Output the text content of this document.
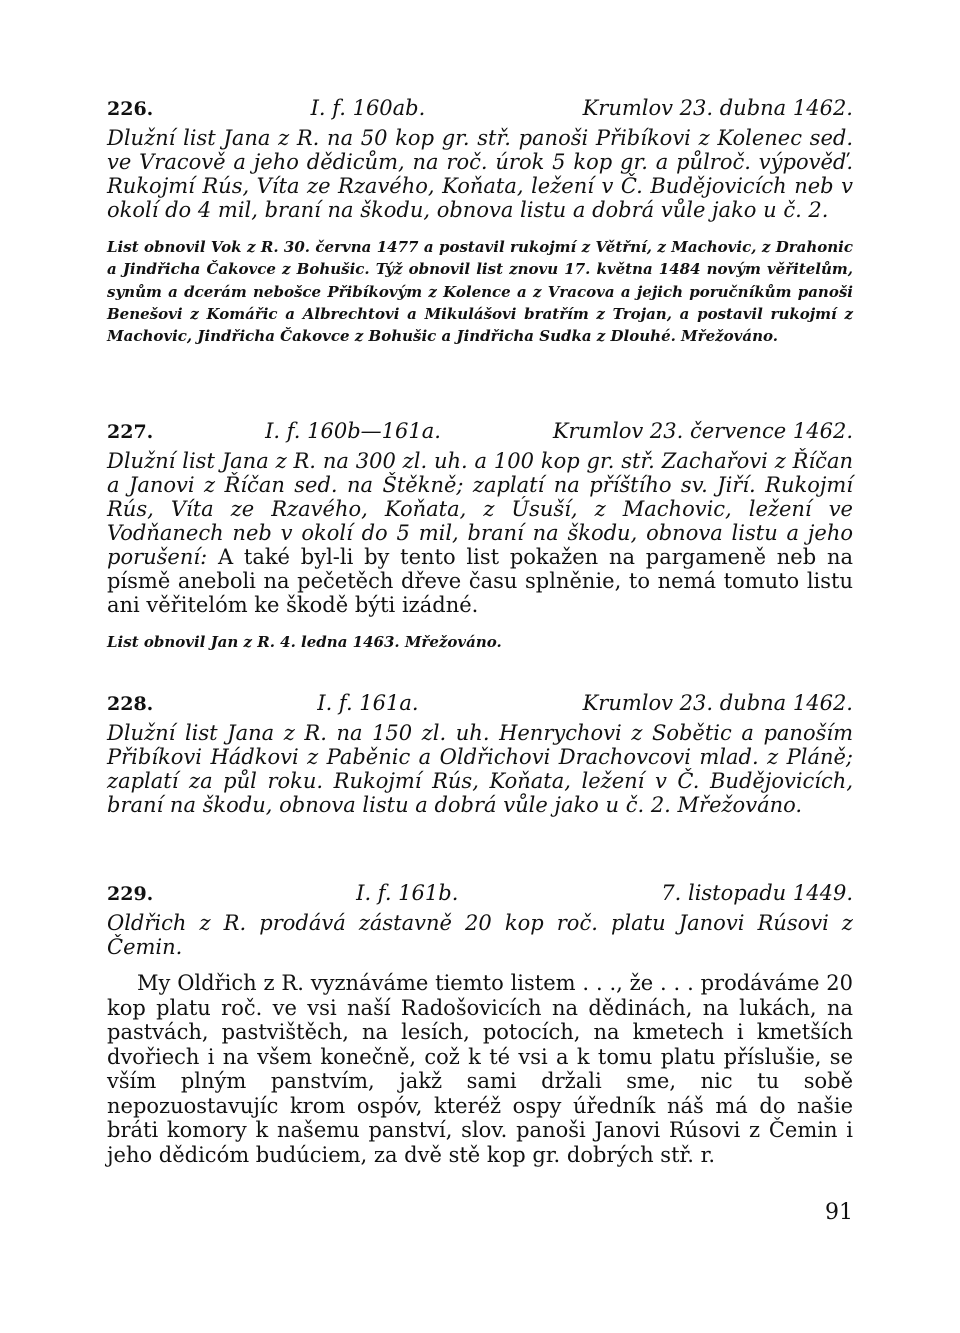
226.	I. f. 160ab.	Krumlov 23. dubna 1462.
Dlužní list Jana z R. na 50 kop gr. stř. panoši Přibíkovi z Kolenec sed. ve Vracově a jeho dědicům, na roč. úrok 5 kop gr. a půlroč. výpověď. Rukojmí Rús, Víta ze Rzavého, Koňata, ležení v Č. Budějovicích neb v okolí do 4 mil, braní na škodu, obnova listu a dobrá vůle jako u č. 2.
List obnovil Vok z R. 30. června 1477 a postavil rukojmí z Větřní, z Machovic, z Drahonic a Jindřicha Čakovce z Bohušic. Týž obnovil list znovu 17. května 1484 novým věřitelům, synům a dcerám nebošce Přibíkovým z Kolence a z Vracova a jejich poručníkům panoši Benešovi z Komářic a Albrechtovi a Mikulášovi bratřím z Trojan, a postavil rukojmí z Machovic, Jindřicha Čakovce z Bohušic a Jindřicha Sudka z Dlouhé. Mřežováno.
227.	I. f. 160b—161a.	Krumlov 23. července 1462.
Dlužní list Jana z R. na 300 zl. uh. a 100 kop gr. stř. Zachařovi z Říčan a Janovi z Říčan sed. na Štěkně; zaplatí na příštího sv. Jiří. Rukojmí Rús, Víta ze Rzavého, Koňata, z Úsuší, z Machovic, ležení ve Vodňanech neb v okolí do 5 mil, braní na škodu, obnova listu a jeho porušení: A také byl-li by tento list pokažen na pargameně neb na písmě aneboli na pečetěch dřeve času splněnie, to nemá tomuto listu ani věřitelóm ke škodě býti izádné.
List obnovil Jan z R. 4. ledna 1463. Mřežováno.
228.	I. f. 161a.	Krumlov 23. dubna 1462.
Dlužní list Jana z R. na 150 zl. uh. Henrychovi z Sobětic a panoším Přibíkovi Hádkovi z Paběnic a Oldřichovi Drachovcovi mlad. z Pláně; zaplatí za půl roku. Rukojmí Rús, Koňata, ležení v Č. Budějovicích, braní na škodu, obnova listu a dobrá vůle jako u č. 2. Mřežováno.
229.	I. f. 161b.	7. listopadu 1449.
Oldřich z R. prodává zástavně 20 kop roč. platu Janovi Rúsovi z Čemin.
My Oldřich z R. vyznáváme tiemto listem . . ., že . . . prodáváme 20 kop platu roč. ve vsi naší Radošovicích na dědinách, na lukách, na pastvách, pastvištěch, na lesích, potocích, na kmetech i kmetších dvořiech i na všem konečně, což k té vsi a k tomu platu příslušie, se vším plným panstvím, jakž sami držali sme, nic tu sobě nepozuostavujíc krom ospóv, kteréž ospy úředník náš má do našie bráti komory k našemu panství, slov. panoši Janovi Rúsovi z Čemin i jeho dědicóm budúciem, za dvě stě kop gr. dobrých stř. r.
91
